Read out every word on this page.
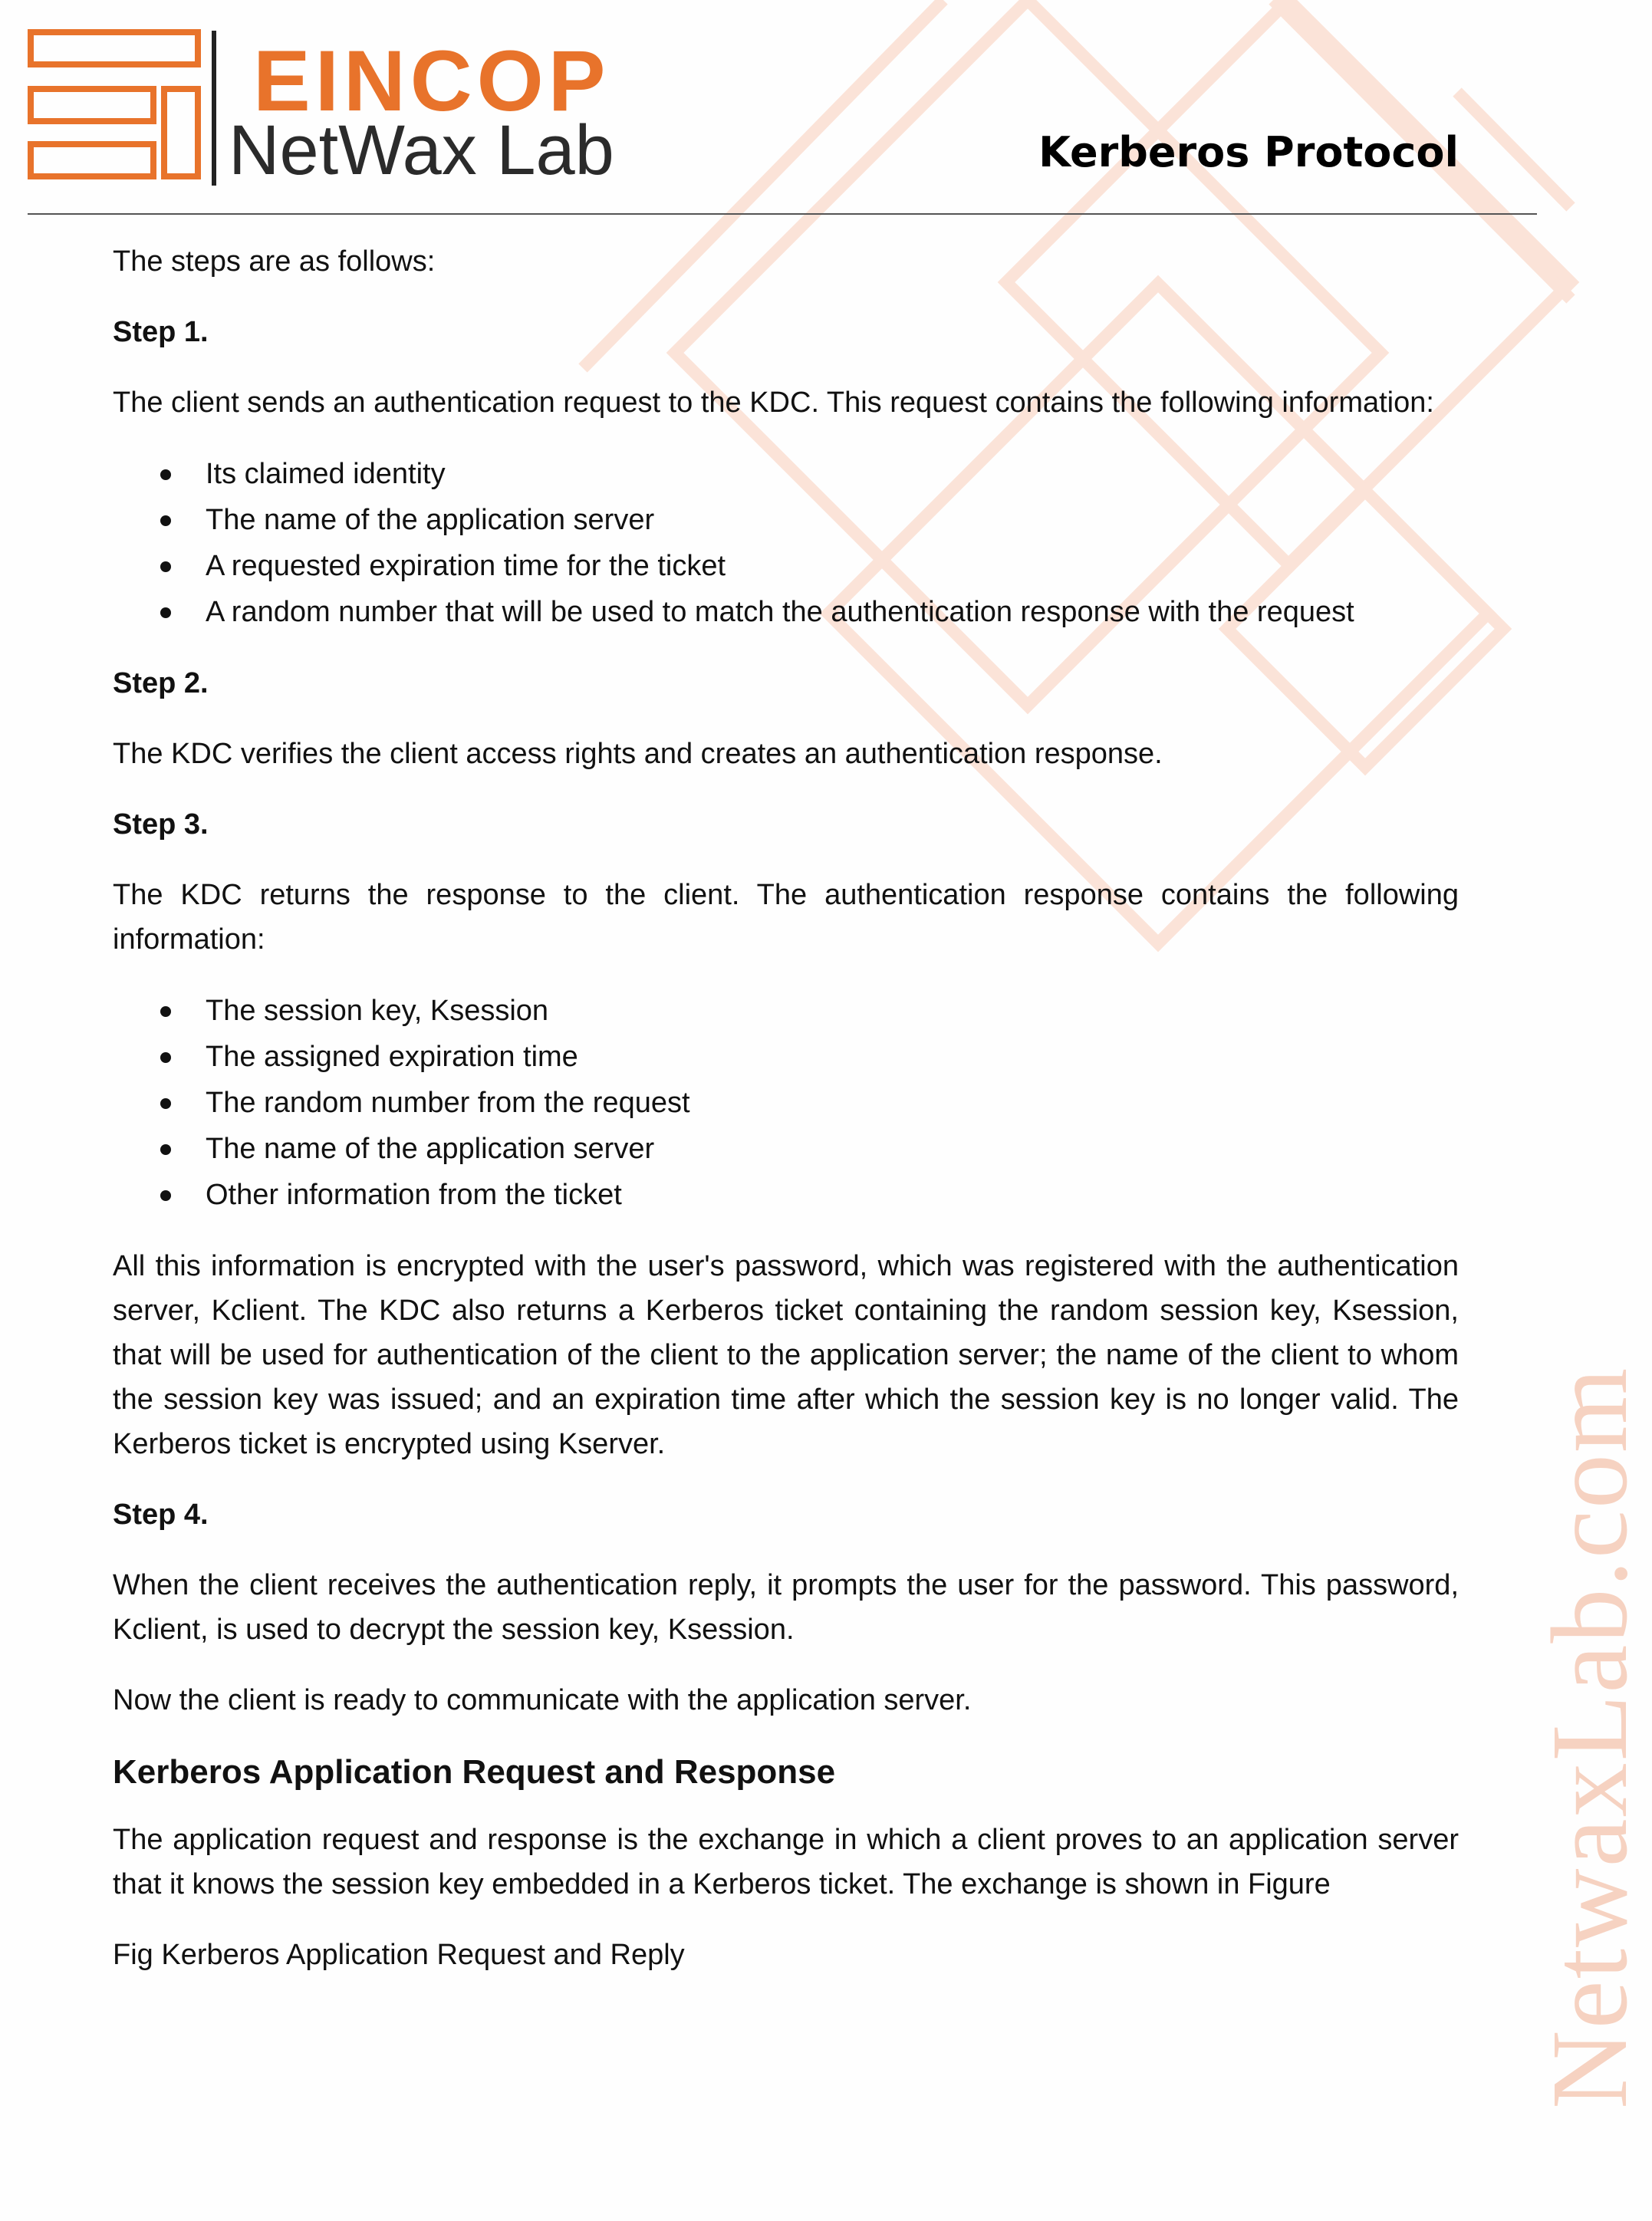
EINCOP
NetWax Lab	Kerberos Protocol
NetwaxLab.com

The steps are as follows:

Step 1.

The client sends an authentication request to the KDC. This request contains the following information:

Its claimed identity
The name of the application server
A requested expiration time for the ticket
A random number that will be used to match the authentication response with the request

Step 2.

The KDC verifies the client access rights and creates an authentication response.

Step 3.

The KDC returns the response to the client. The authentication response contains the following information:

The session key, Ksession
The assigned expiration time
The random number from the request
The name of the application server
Other information from the ticket

All this information is encrypted with the user's password, which was registered with the authentication server, Kclient. The KDC also returns a Kerberos ticket containing the random session key, Ksession, that will be used for authentication of the client to the application server; the name of the client to whom the session key was issued; and an expiration time after which the session key is no longer valid. The Kerberos ticket is encrypted using Kserver.

Step 4.

When the client receives the authentication reply, it prompts the user for the password. This password, Kclient, is used to decrypt the session key, Ksession.

Now the client is ready to communicate with the application server.

Kerberos Application Request and Response

The application request and response is the exchange in which a client proves to an application server that it knows the session key embedded in a Kerberos ticket. The exchange is shown in Figure

Fig Kerberos Application Request and Reply
